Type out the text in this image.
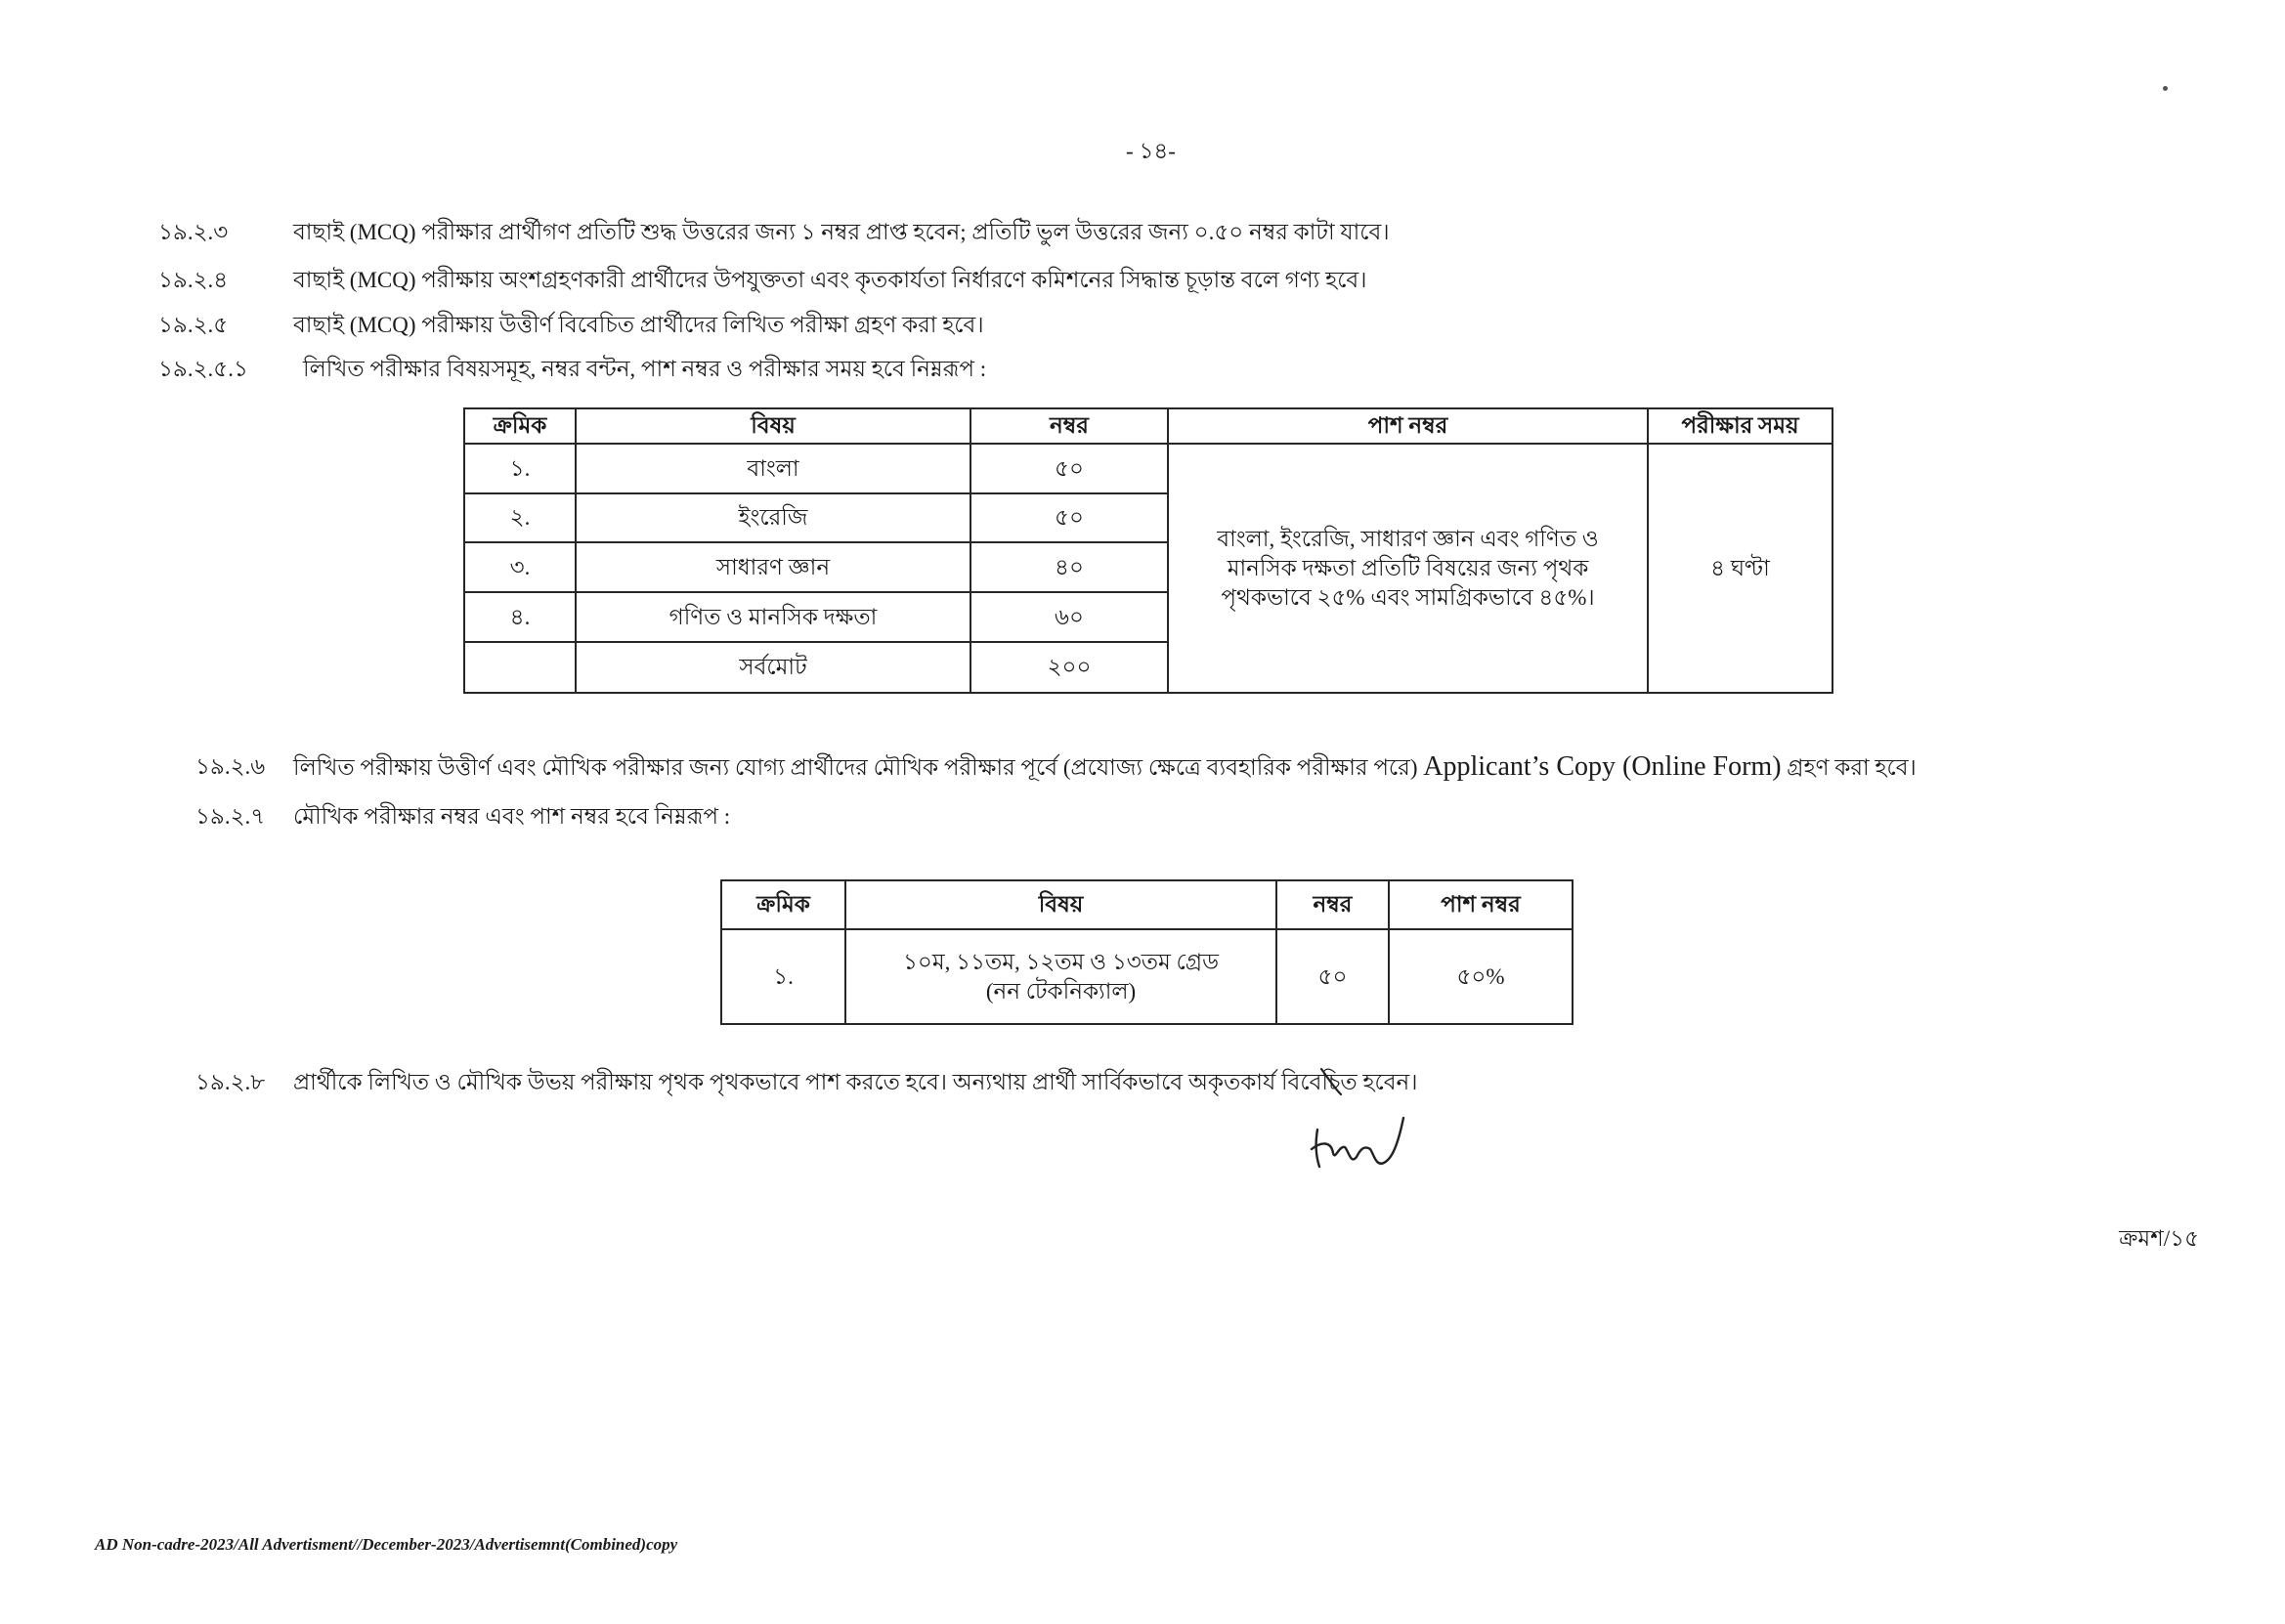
- ১৪-
১৯.২.৩	বাছাই (MCQ) পরীক্ষার প্রার্থীগণ প্রতিটি শুদ্ধ উত্তরের জন্য ১ নম্বর প্রাপ্ত হবেন; প্রতিটি ভুল উত্তরের জন্য ০.৫০ নম্বর কাটা যাবে।
১৯.২.৪	বাছাই (MCQ) পরীক্ষায় অংশগ্রহণকারী প্রার্থীদের উপযুক্ততা এবং কৃতকার্যতা নির্ধারণে কমিশনের সিদ্ধান্ত চূড়ান্ত বলে গণ্য হবে।
১৯.২.৫	বাছাই (MCQ) পরীক্ষায় উত্তীর্ণ বিবেচিত প্রার্থীদের লিখিত পরীক্ষা গ্রহণ করা হবে।
১৯.২.৫.১ লিখিত পরীক্ষার বিষয়সমূহ, নম্বর বন্টন, পাশ নম্বর ও পরীক্ষার সময় হবে নিম্নরূপ :
ক্রমিক	বিষয়	নম্বর	পাশ নম্বর	পরীক্ষার সময়
১.	বাংলা	৫০	বাংলা, ইংরেজি, সাধারণ জ্ঞান এবং গণিত ও
মানসিক দক্ষতা প্রতিটি বিষয়ের জন্য পৃথক
পৃথকভাবে ২৫% এবং সামগ্রিকভাবে ৪৫%।	৪ ঘণ্টা
২.	ইংরেজি	৫০		
৩.	সাধারণ জ্ঞান	৪০		
৪.	গণিত ও মানসিক দক্ষতা	৬০		
	সর্বমোট	২০০		
১৯.২.৬ লিখিত পরীক্ষায় উত্তীর্ণ এবং মৌখিক পরীক্ষার জন্য যোগ্য প্রার্থীদের মৌখিক পরীক্ষার পূর্বে (প্রযোজ্য ক্ষেত্রে ব্যবহারিক পরীক্ষার পরে) Applicant’s Copy (Online Form) গ্রহণ করা হবে।
১৯.২.৭ মৌখিক পরীক্ষার নম্বর এবং পাশ নম্বর হবে নিম্নরূপ :
ক্রমিক	বিষয়	নম্বর	পাশ নম্বর
১.	১০ম, ১১তম, ১২তম ও ১৩তম গ্রেড
(নন টেকনিক্যাল)	৫০	৫০%
১৯.২.৮ প্রার্থীকে লিখিত ও মৌখিক উভয় পরীক্ষায় পৃথক পৃথকভাবে পাশ করতে হবে। অন্যথায় প্রার্থী সার্বিকভাবে অকৃতকার্য বিবেচিত হবেন।
ক্রমশ/১৫
AD Non-cadre-2023/All Advertisment//December-2023/Advertisemnt(Combined)copy
